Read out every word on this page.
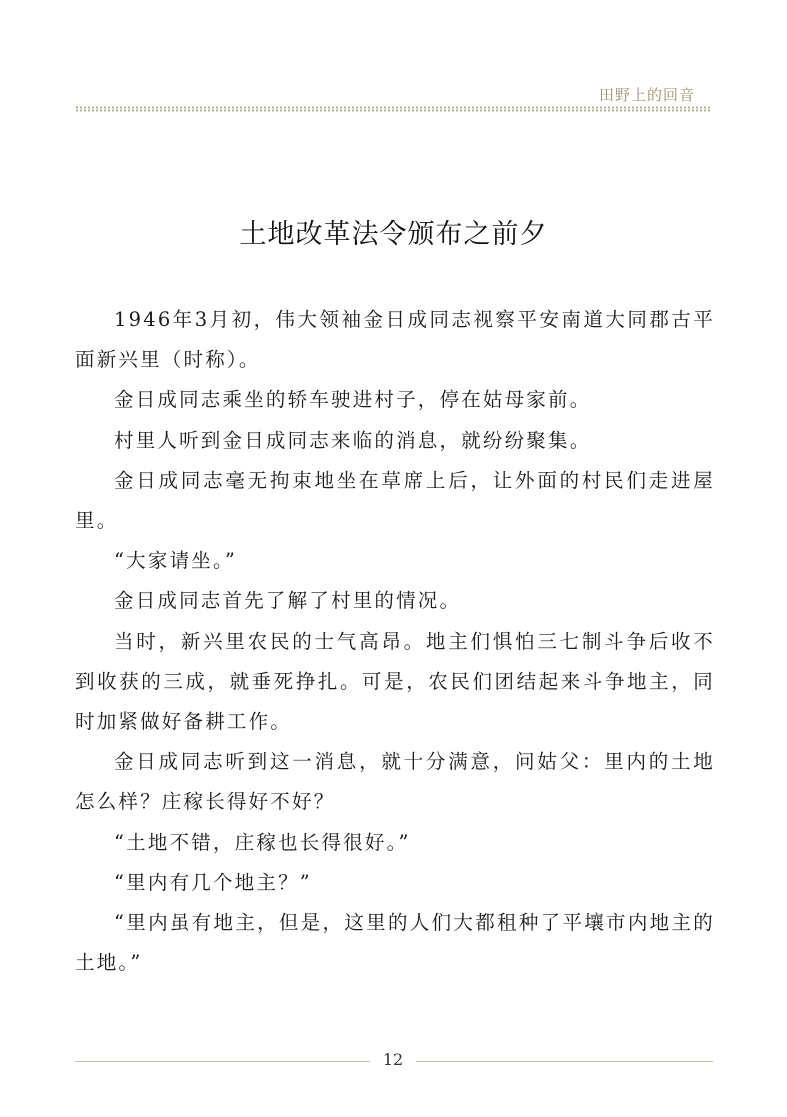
田野上的回音
土地改革法令颁布之前夕

1946年3月初，伟大领袖金日成同志视察平安南道大同郡古平面新兴里（时称）。

金日成同志乘坐的轿车驶进村子，停在姑母家前。

村里人听到金日成同志来临的消息，就纷纷聚集。

金日成同志毫无拘束地坐在草席上后，让外面的村民们走进屋里。

“大家请坐。”

金日成同志首先了解了村里的情况。

当时，新兴里农民的士气高昂。地主们惧怕三七制斗争后收不到收获的三成，就垂死挣扎。可是，农民们团结起来斗争地主，同时加紧做好备耕工作。

金日成同志听到这一消息，就十分满意，问姑父：里内的土地怎么样？庄稼长得好不好？

“土地不错，庄稼也长得很好。”

“里内有几个地主？”

“里内虽有地主，但是，这里的人们大都租种了平壤市内地主的土地。”

12
